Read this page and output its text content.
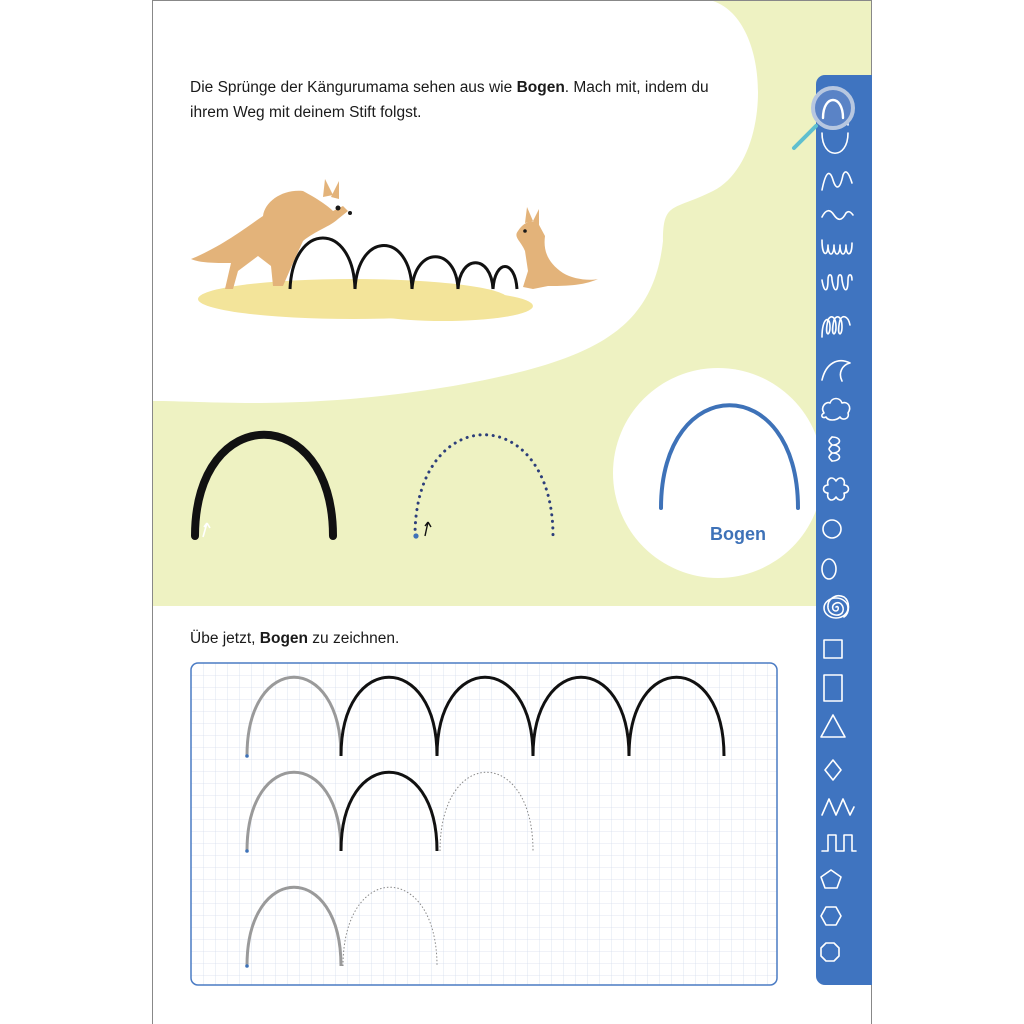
Die Sprünge der Kängurumama sehen aus wie Bogen. Mach mit, indem du ihrem Weg mit deinem Stift folgst.

Bogen

Übe jetzt, Bogen zu zeichnen.
